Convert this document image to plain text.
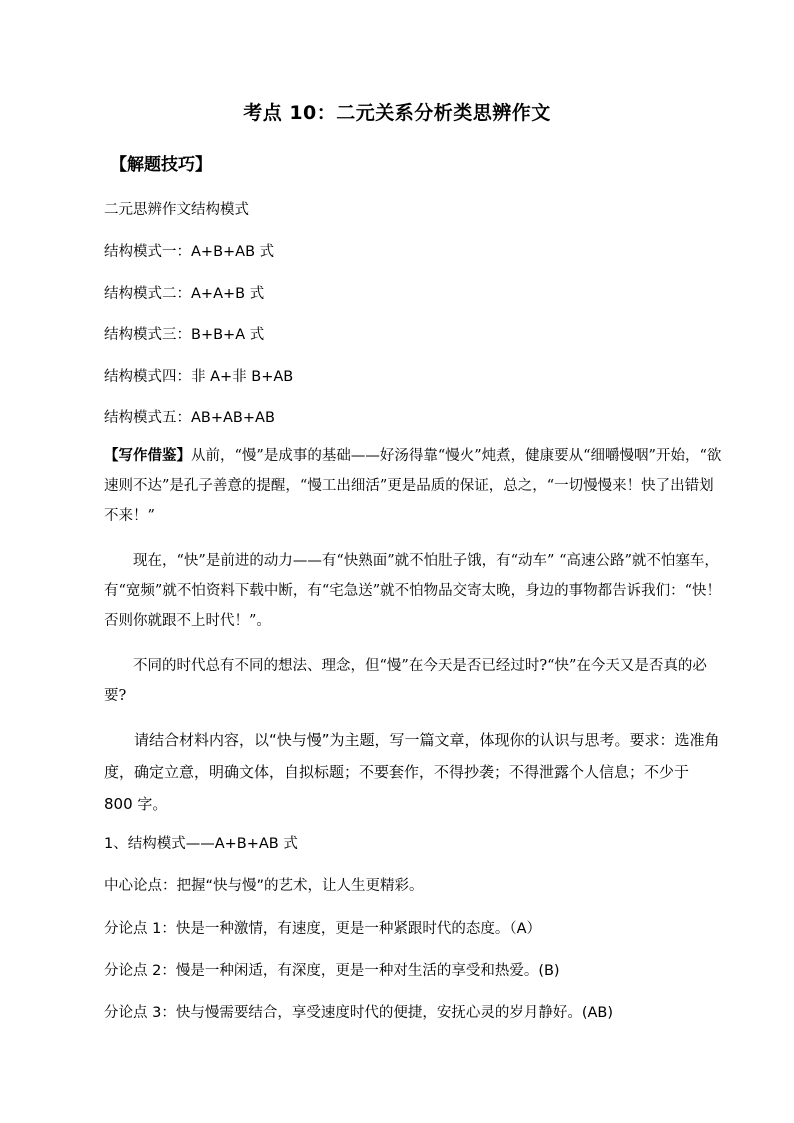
考点 10：二元关系分析类思辨作文
【解题技巧】
二元思辨作文结构模式
结构模式一：A+B+AB 式
结构模式二：A+A+B 式
结构模式三：B+B+A 式
结构模式四：非 A+非 B+AB
结构模式五：AB+AB+AB
【写作借鉴】从前，“慢”是成事的基础——好汤得靠“慢火”炖煮，健康要从“细嚼慢咽”开始，“欲速则不达”是孔子善意的提醒，“慢工出细活”更是品质的保证，总之，“一切慢慢来！快了出错划不来！”
现在，“快”是前进的动力——有“快熟面”就不怕肚子饿，有“动车” “高速公路”就不怕塞车，有“宽频”就不怕资料下载中断，有“宅急送”就不怕物品交寄太晚，身边的事物都告诉我们：“快！否则你就跟不上时代！”。
不同的时代总有不同的想法、理念，但“慢”在今天是否已经过时?“快”在今天又是否真的必要?
请结合材料内容，以“快与慢”为主题，写一篇文章，体现你的认识与思考。要求：选准角度，确定立意，明确文体，自拟标题；不要套作，不得抄袭；不得泄露个人信息；不少于 800 字。
1、结构模式——A+B+AB 式
中心论点：把握“快与慢”的艺术，让人生更精彩。
分论点 1：快是一种激情，有速度，更是一种紧跟时代的态度。（A）
分论点 2：慢是一种闲适，有深度，更是一种对生活的享受和热爱。(B)
分论点 3：快与慢需要结合，享受速度时代的便捷，安抚心灵的岁月静好。(AB)
